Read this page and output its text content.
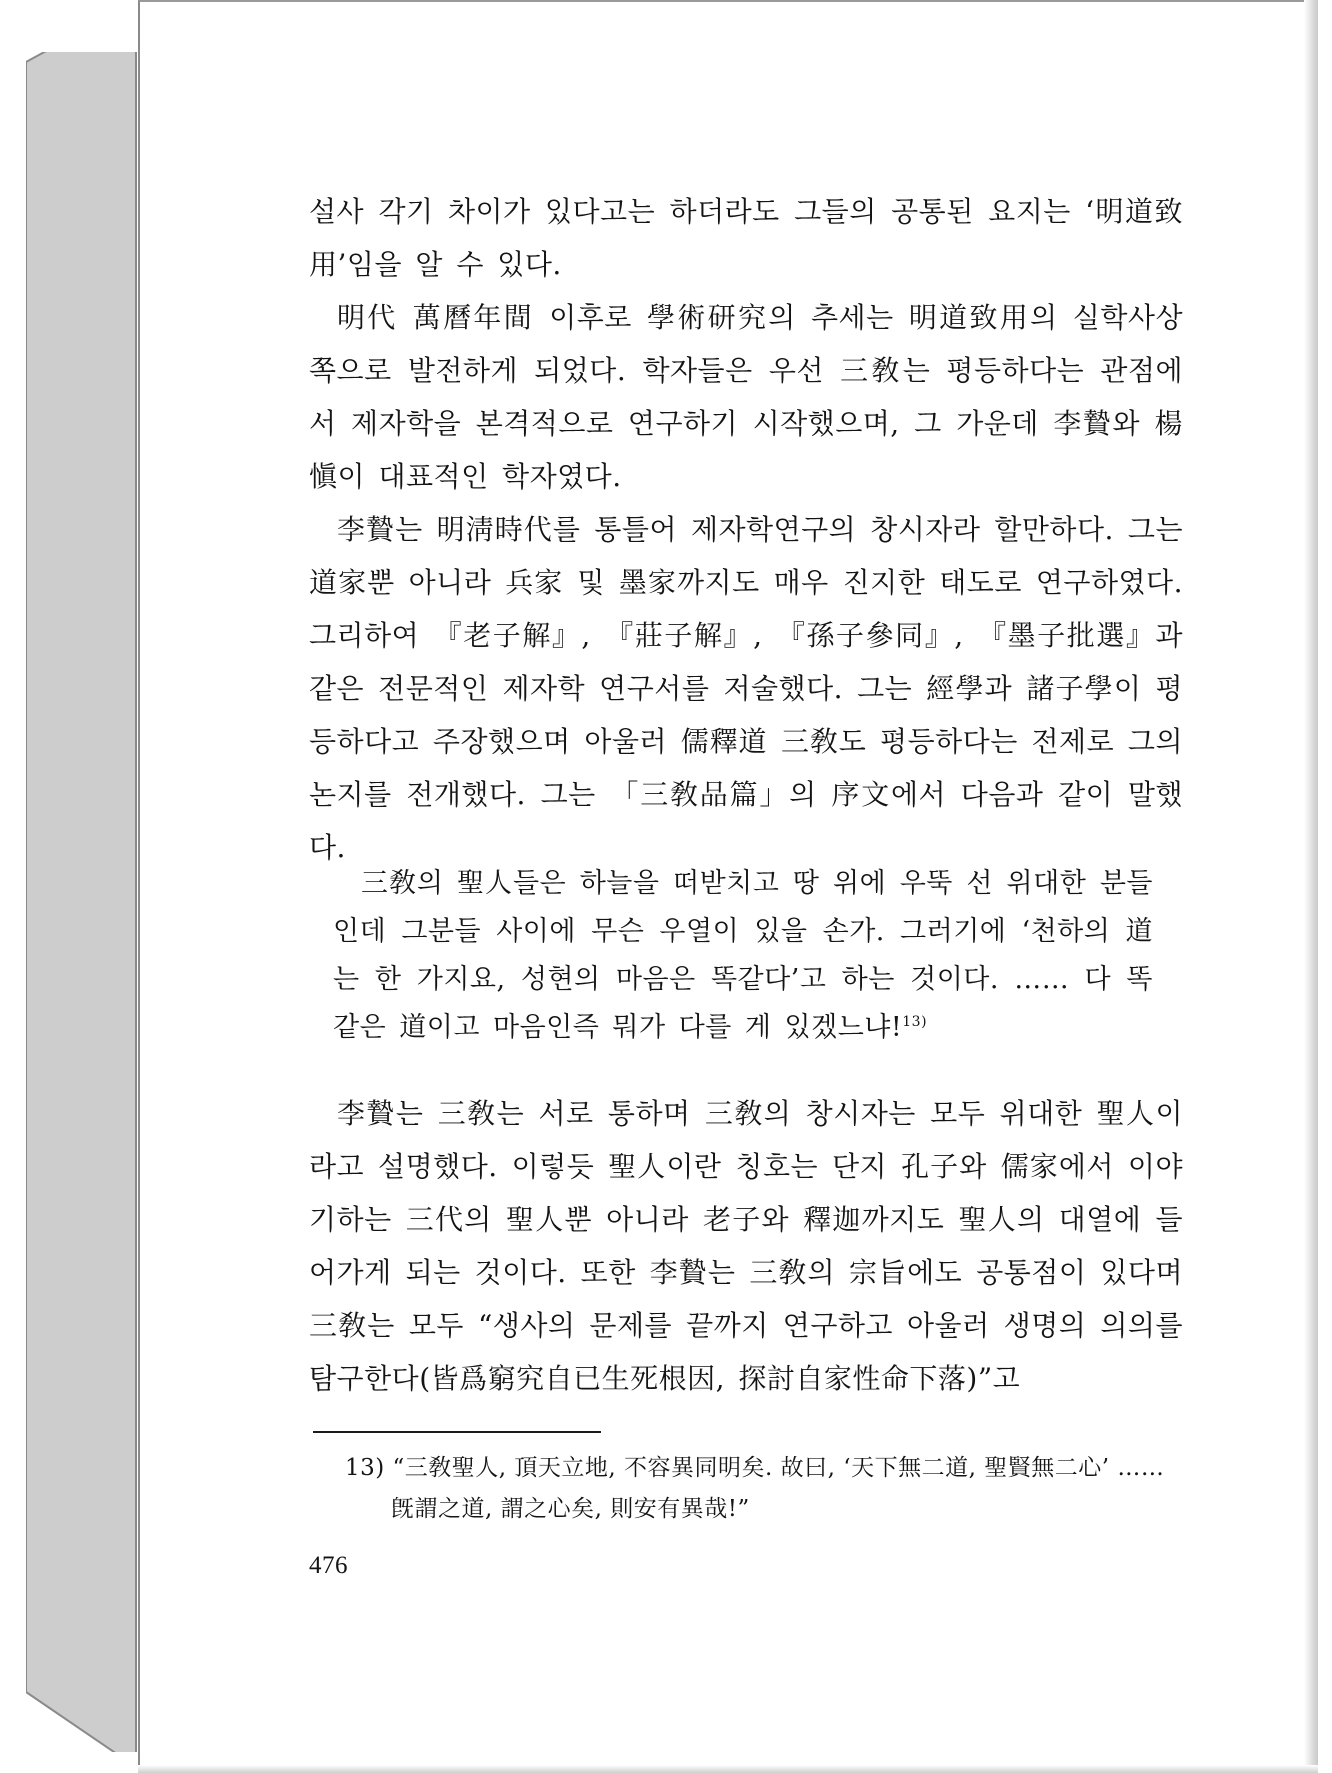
설사 각기 차이가 있다고는 하더라도 그들의 공통된 요지는 ‘明道致用’임을 알 수 있다.

明代 萬曆年間 이후로 學術研究의 추세는 明道致用의 실학사상 쪽으로 발전하게 되었다. 학자들은 우선 三敎는 평등하다는 관점에서 제자학을 본격적으로 연구하기 시작했으며, 그 가운데 李贄와 楊愼이 대표적인 학자였다.

李贄는 明淸時代를 통틀어 제자학연구의 창시자라 할만하다. 그는 道家뿐 아니라 兵家 및 墨家까지도 매우 진지한 태도로 연구하였다. 그리하여 『老子解』, 『莊子解』, 『孫子參同』, 『墨子批選』과 같은 전문적인 제자학 연구서를 저술했다. 그는 經學과 諸子學이 평등하다고 주장했으며 아울러 儒釋道 三敎도 평등하다는 전제로 그의 논지를 전개했다. 그는 「三敎品篇」의 序文에서 다음과 같이 말했다.

三敎의 聖人들은 하늘을 떠받치고 땅 위에 우뚝 선 위대한 분들인데 그분들 사이에 무슨 우열이 있을 손가. 그러기에 ‘천하의 道는 한 가지요, 성현의 마음은 똑같다’고 하는 것이다. …… 다 똑같은 道이고 마음인즉 뭐가 다를 게 있겠느냐!$^{13)}$

李贄는 三敎는 서로 통하며 三敎의 창시자는 모두 위대한 聖人이라고 설명했다. 이렇듯 聖人이란 칭호는 단지 孔子와 儒家에서 이야기하는 三代의 聖人뿐 아니라 老子와 釋迦까지도 聖人의 대열에 들어가게 되는 것이다. 또한 李贄는 三敎의 宗旨에도 공통점이 있다며 三敎는 모두 “생사의 문제를 끝까지 연구하고 아울러 생명의 의의를 탐구한다(皆爲窮究自已生死根因, 探討自家性命下落)”고

13) “三敎聖人, 頂天立地, 不容異同明矣. 故曰, ‘天下無二道, 聖賢無二心’ …… 旣謂之道, 謂之心矣, 則安有異哉!”

476
